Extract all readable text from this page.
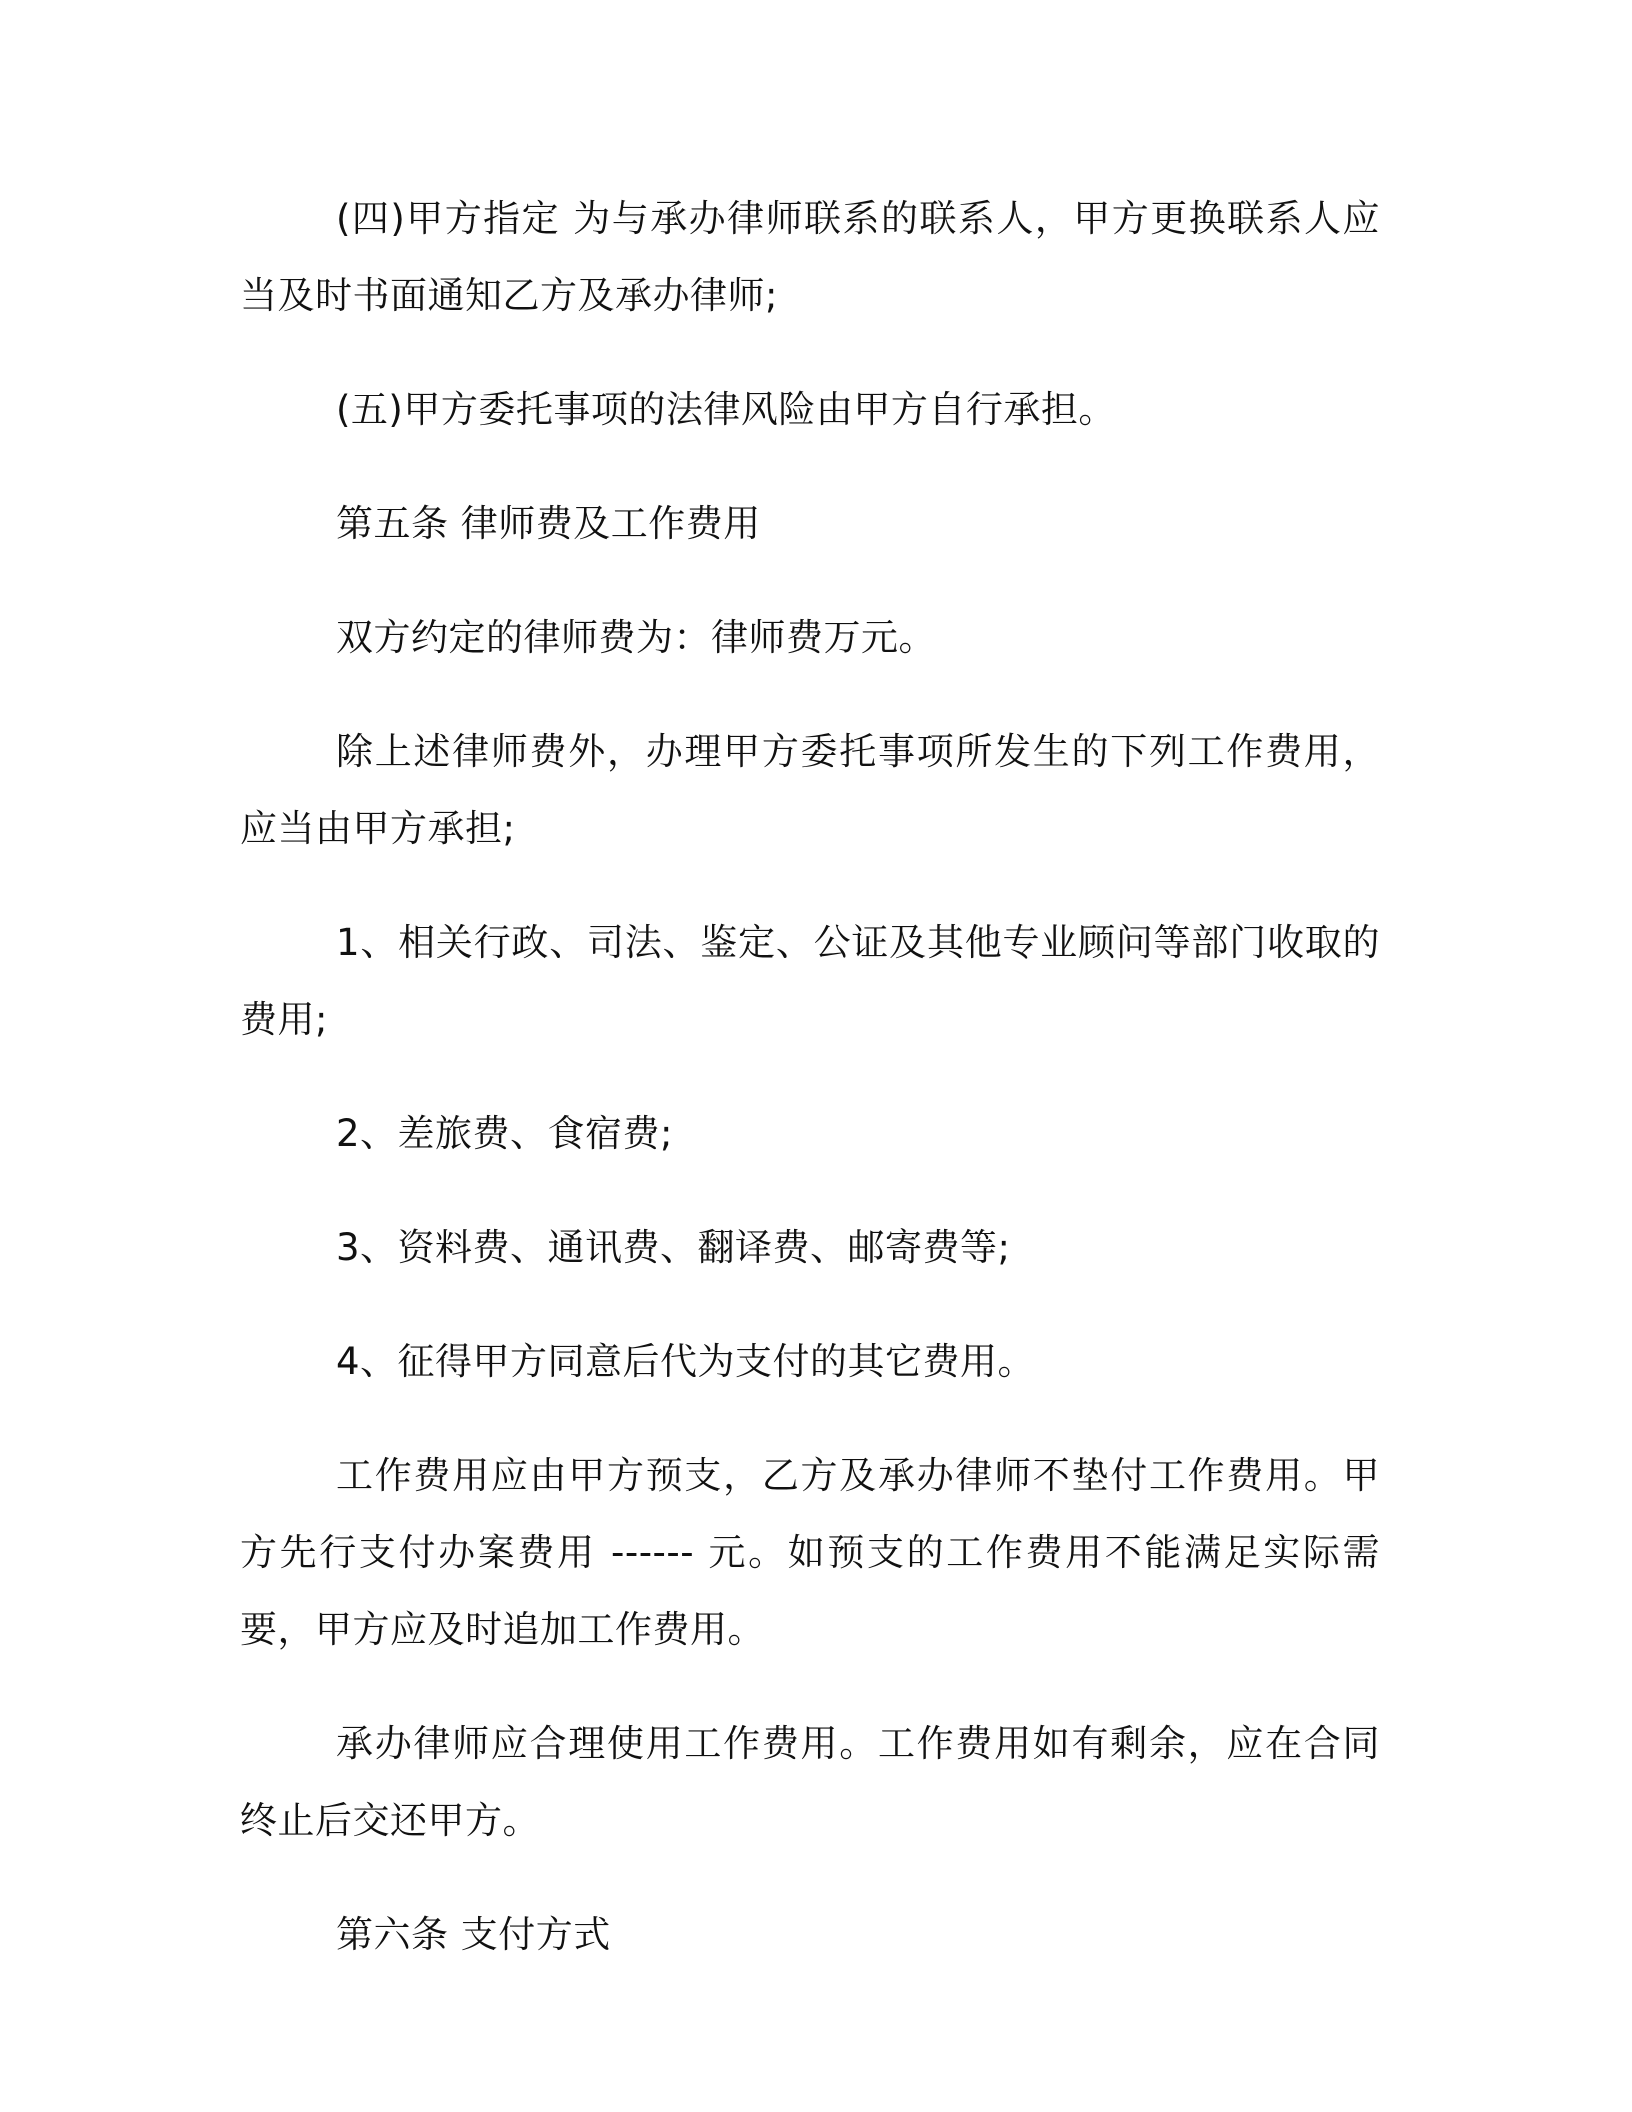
(四)甲方指定 为与承办律师联系的联系人，甲方更换联系人应当及时书面通知乙方及承办律师;

(五)甲方委托事项的法律风险由甲方自行承担。

第五条 律师费及工作费用

双方约定的律师费为：律师费万元。

除上述律师费外，办理甲方委托事项所发生的下列工作费用，应当由甲方承担;

1、相关行政、司法、鉴定、公证及其他专业顾问等部门收取的费用;

2、差旅费、食宿费;

3、资料费、通讯费、翻译费、邮寄费等;

4、征得甲方同意后代为支付的其它费用。

工作费用应由甲方预支，乙方及承办律师不垫付工作费用。甲方先行支付办案费用 ------ 元。如预支的工作费用不能满足实际需要，甲方应及时追加工作费用。

承办律师应合理使用工作费用。工作费用如有剩余，应在合同终止后交还甲方。

第六条 支付方式
